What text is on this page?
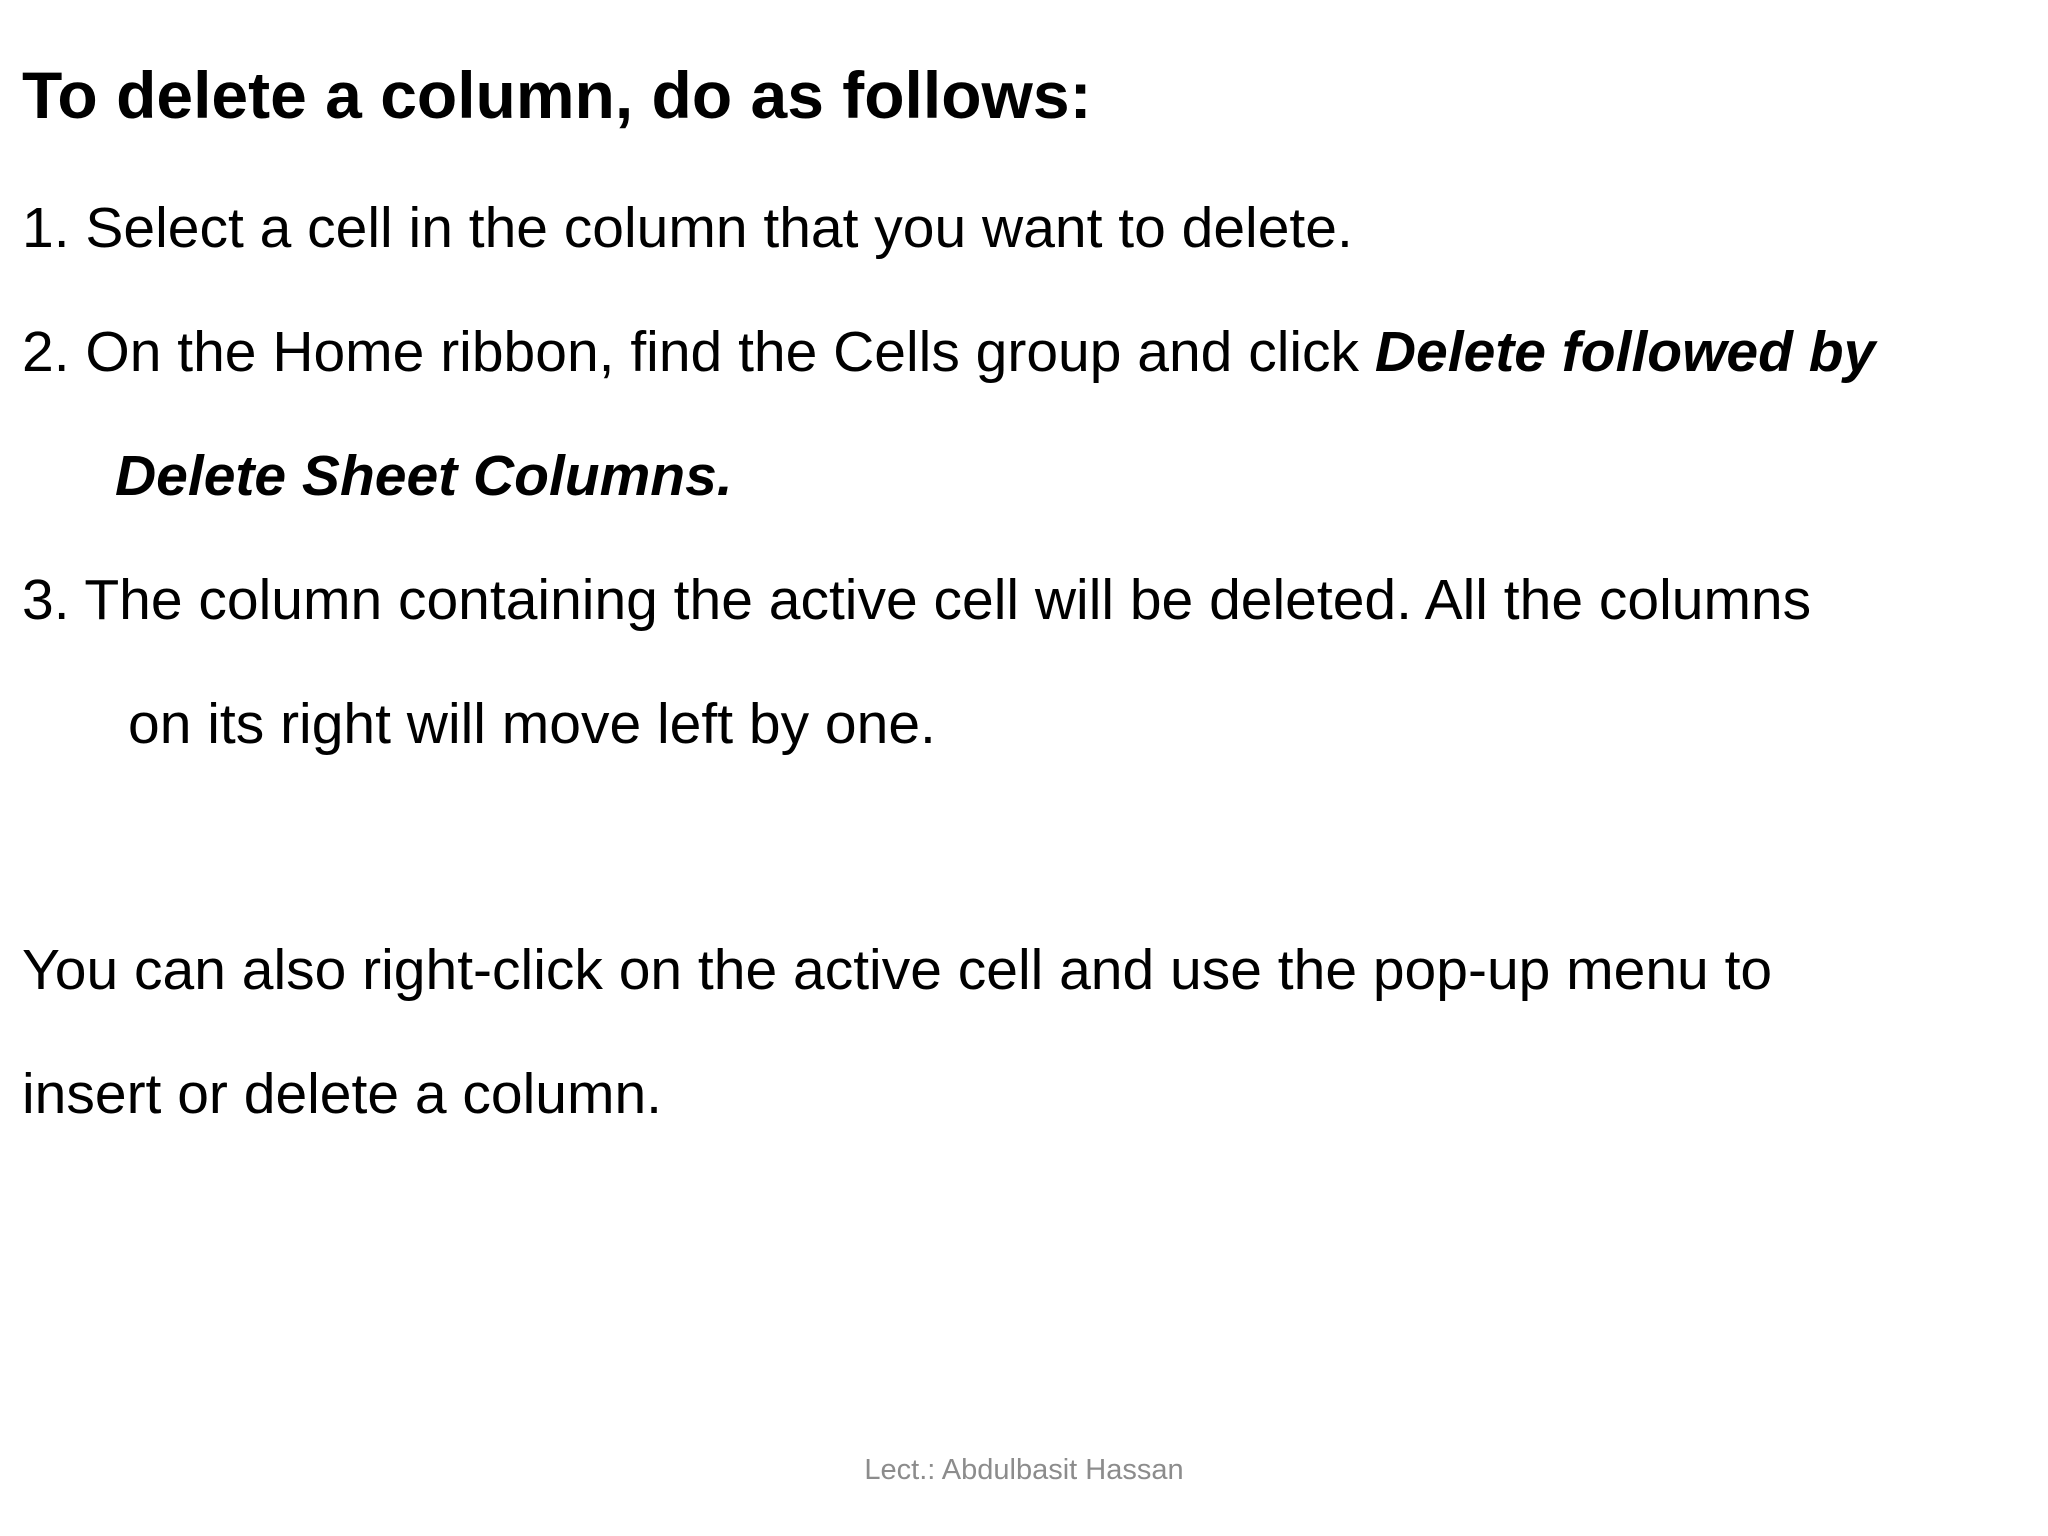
To delete a column, do as follows:
1. Select a cell in the column that you want to delete.
2. On the Home ribbon, find the Cells group and click Delete followed by
Delete Sheet Columns.
3. The column containing the active cell will be deleted. All the columns
on its right will move left by one.
You can also right-click on the active cell and use the pop-up menu to
insert or delete a column.
Lect.: Abdulbasit Hassan
